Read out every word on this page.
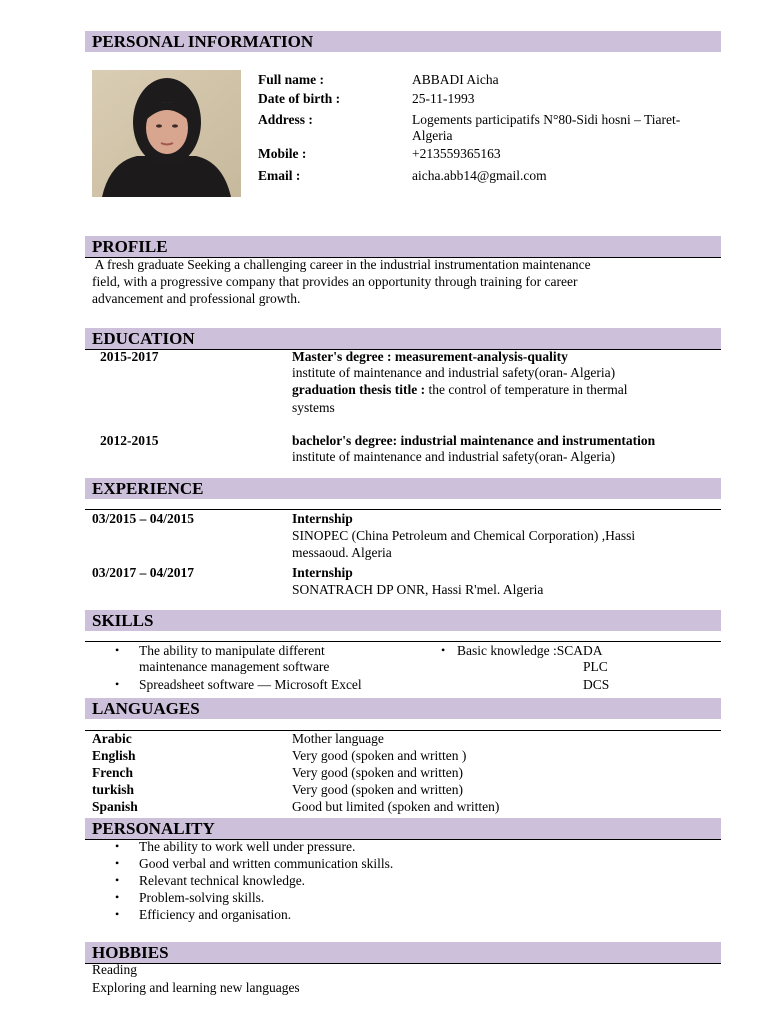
PERSONAL INFORMATION
Full name :	ABBADI Aicha
Date of birth :	25-11-1993
Address :	Logements participatifs N°80-Sidi hosni – Tiaret-
Algeria
Mobile :	+213559365163
Email :	aicha.abb14@gmail.com
PROFILE
A fresh graduate Seeking a challenging career in the industrial instrumentation maintenance
field, with a progressive company that provides an opportunity through training for career
advancement and professional growth.
EDUCATION
2015-2017	Master's degree : measurement-analysis-quality
institute of maintenance and industrial safety(oran- Algeria)
graduation thesis title : the control of temperature in thermal
systems
2012-2015	bachelor's degree: industrial maintenance and instrumentation
institute of maintenance and industrial safety(oran- Algeria)
EXPERIENCE
03/2015 – 04/2015	Internship
SINOPEC (China Petroleum and Chemical Corporation) ,Hassi
messaoud. Algeria
03/2017 – 04/2017	Internship
SONATRACH DP ONR, Hassi R'mel. Algeria
SKILLS
• The ability to manipulate different
maintenance management software
• Spreadsheet software — Microsoft Excel
• Basic knowledge :SCADA
PLC
DCS
LANGUAGES
Arabic	Mother language
English	Very good (spoken and written )
French	Very good (spoken and written)
turkish	Very good (spoken and written)
Spanish	Good but limited (spoken and written)
PERSONALITY
• The ability to work well under pressure.
• Good verbal and written communication skills.
• Relevant technical knowledge.
• Problem-solving skills.
• Efficiency and organisation.
HOBBIES
Reading
Exploring and learning new languages
